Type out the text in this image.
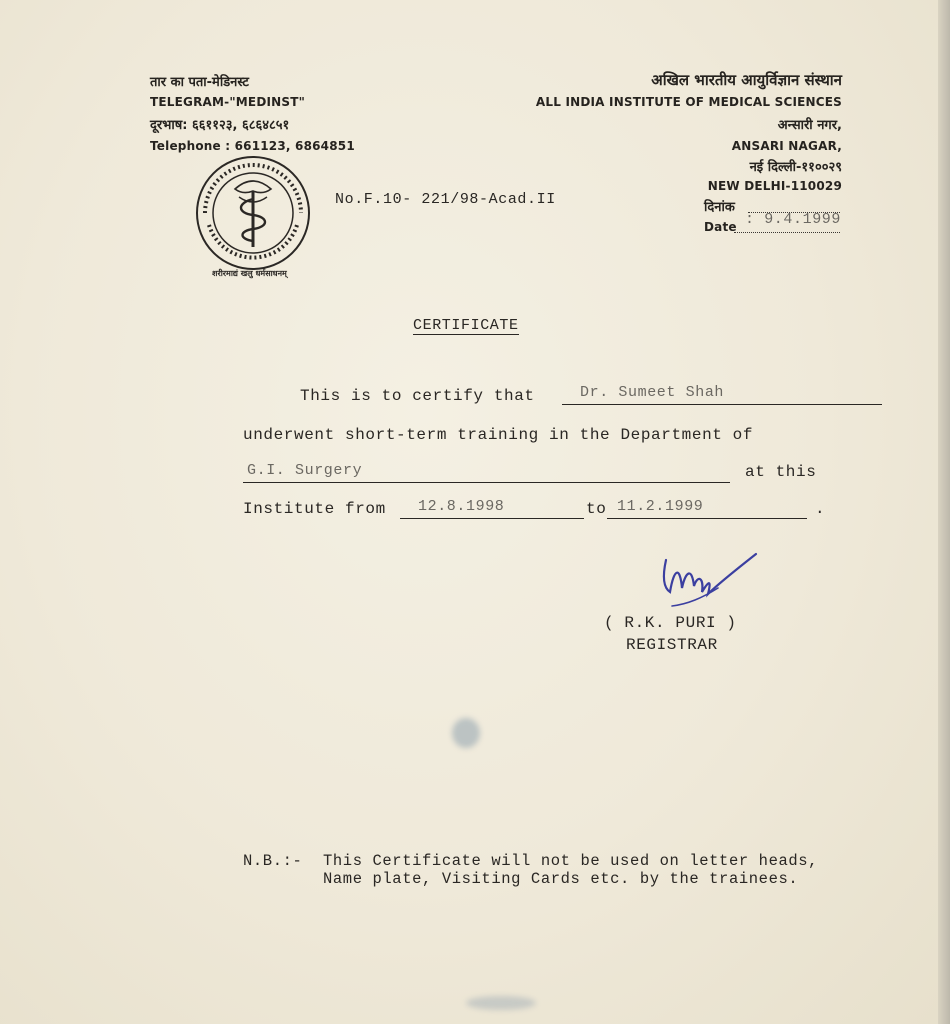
तार का पता-मेडिनस्ट
TELEGRAM-"MEDINST"
दूरभाष: ६६११२३, ६८६४८५१
Telephone : 661123, 6864851
अखिल भारतीय आयुर्विज्ञान संस्थान
ALL INDIA INSTITUTE OF MEDICAL SCIENCES
अन्सारी नगर,
ANSARI NAGAR,
नई दिल्ली-११००२९
NEW DELHI-110029
दिनांक
Date : 9.4.1999
शरीरमाद्यं खलु धर्मसाधनम्
No.F.10- 221/98-Acad.II
CERTIFICATE
This is to certify that	Dr. Sumeet Shah
underwent short-term training in the Department of
G.I. Surgery	at this
Institute from	12.8.1998	to 11.2.1999	.
( R.K. PURI )
REGISTRAR
N.B.:- This Certificate will not be used on letter heads,
Name plate, Visiting Cards etc. by the trainees.
